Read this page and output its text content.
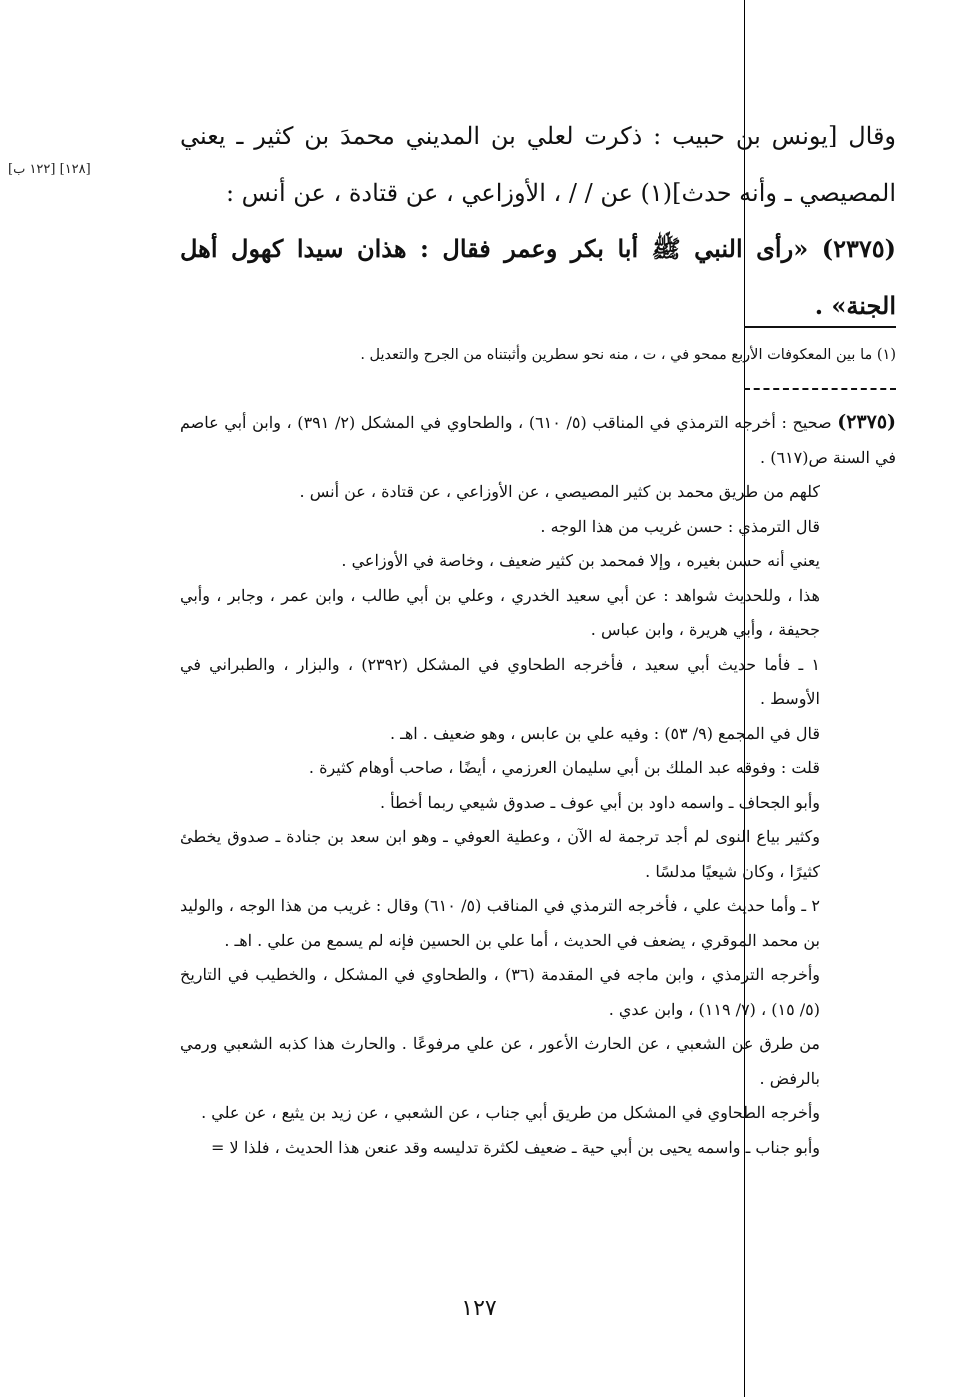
[١٢٨] [١٢٢ ب]

وقال [يونس بن حبيب : ذكرت لعلي بن المديني محمدَ بن كثير ـ يعني المصيصي ـ وأنه حدث](١) عن / / ، الأوزاعي ، عن قتادة ، عن أنس :

(٢٣٧٥) «رأى النبي ﷺ أبا بكر وعمر فقال : هذان سيدا كهول أهل الجنة» .

(١) ما بين المعكوفات الأربع ممحو في ، ت ، منه نحو سطرين وأثبتناه من الجرح والتعديل .

(٢٣٧٥) صحيح : أخرجه الترمذي في المناقب (٥/ ٦١٠) ، والطحاوي في المشكل (٢/ ٣٩١) ، وابن أبي عاصم في السنة ص(٦١٧) .

كلهم من طريق محمد بن كثير المصيصي ، عن الأوزاعي ، عن قتادة ، عن أنس .

قال الترمذي : حسن غريب من هذا الوجه .

يعني أنه حسن بغيره ، وإلا فمحمد بن كثير ضعيف ، وخاصة في الأوزاعي .

هذا ، وللحديث شواهد : عن أبي سعيد الخدري ، وعلي بن أبي طالب ، وابن عمر ، وجابر ، وأبي جحيفة ، وأبي هريرة ، وابن عباس .

١ ـ فأما حديث أبي سعيد ، فأخرجه الطحاوي في المشكل (٢٣٩٢) ، والبزار ، والطبراني في الأوسط .

قال في المجمع (٩/ ٥٣) : وفيه علي بن عابس ، وهو ضعيف . اهـ .

قلت : وفوقه عبد الملك بن أبي سليمان العرزمي ، أيضًا ، صاحب أوهام كثيرة .

وأبو الجحاف ـ واسمه داود بن أبي عوف ـ صدوق شيعي ربما أخطأ .

وكثير بياع النوى لم أجد ترجمة له الآن ، وعطية العوفي ـ وهو ابن سعد بن جنادة ـ صدوق يخطئ كثيرًا ، وكان شيعيًا مدلسًا .

٢ ـ وأما حديث علي ، فأخرجه الترمذي في المناقب (٥/ ٦١٠) وقال : غريب من هذا الوجه ، والوليد بن محمد الموقري ، يضعف في الحديث ، أما علي بن الحسين فإنه لم يسمع من علي . اهـ .

وأخرجه الترمذي ، وابن ماجه في المقدمة (٣٦) ، والطحاوي في المشكل ، والخطيب في التاريخ (٥/ ١٥) ، (٧/ ١١٩) ، وابن عدي .

من طرق عن الشعبي ، عن الحارث الأعور ، عن علي مرفوعًا . والحارث هذا كذبه الشعبي ورمي بالرفض .

وأخرجه الطحاوي في المشكل من طريق أبي جناب ، عن الشعبي ، عن زيد بن يثيع ، عن علي .

وأبو جناب ـ واسمه يحيى بن أبي حية ـ ضعيف لكثرة تدليسه وقد عنعن هذا الحديث ، فلذا لا =

١٢٧
